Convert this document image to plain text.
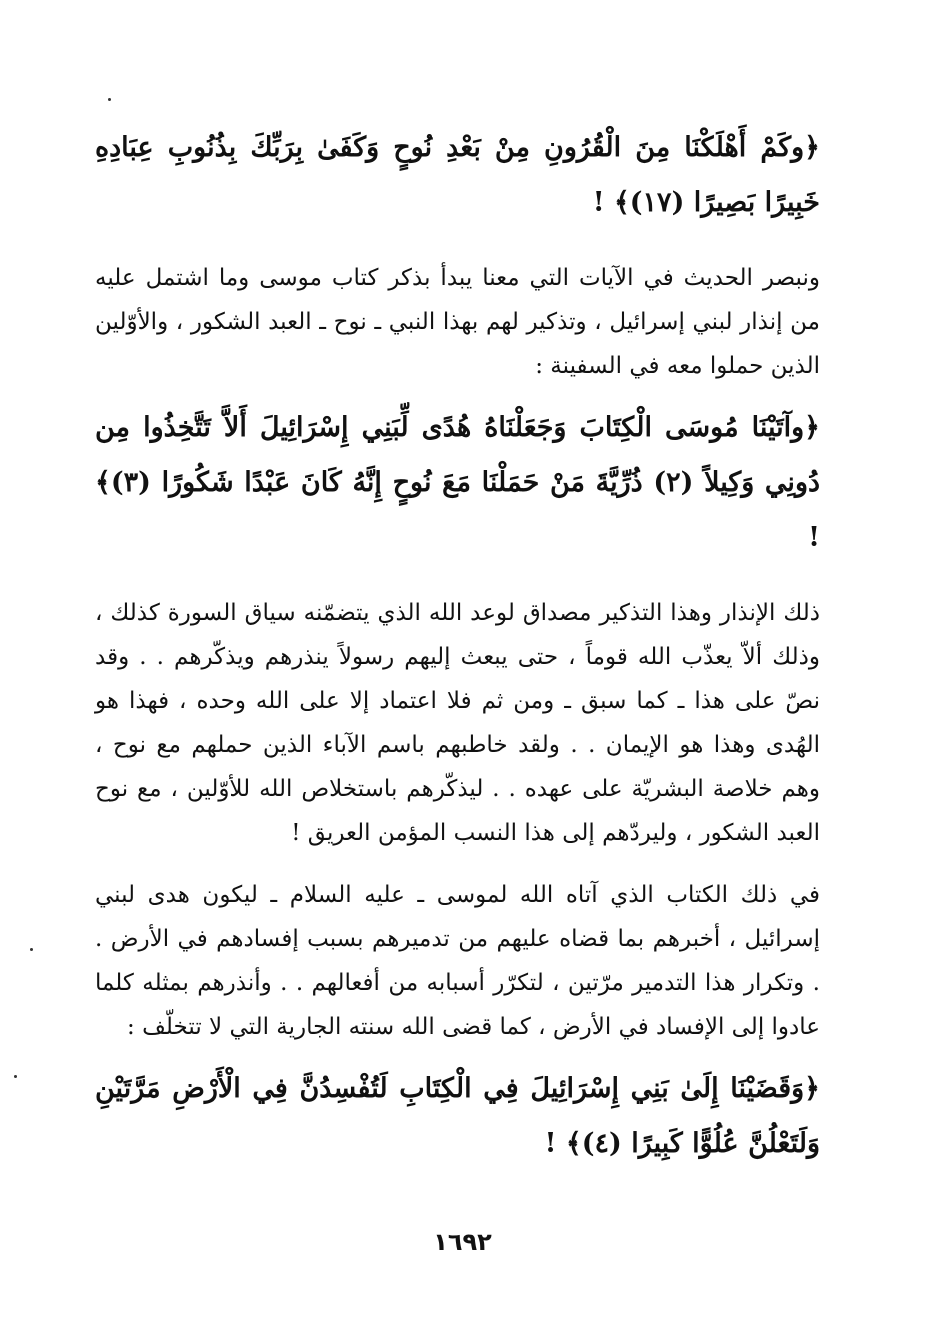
﴿وكَمْ أَهْلَكْنَا مِنَ الْقُرُونِ مِنْ بَعْدِ نُوحٍ وَكَفَىٰ بِرَبِّكَ بِذُنُوبِ عِبَادِهِ خَبِيرًا بَصِيرًا (١٧)﴾ !

ونبصر الحديث في الآيات التي معنا يبدأ بذكر كتاب موسى وما اشتمل عليه من إنذار لبني إسرائيل ، وتذكير لهم بهذا النبي ـ نوح ـ العبد الشكور ، والأوّلين الذين حملوا معه في السفينة :

﴿وآتَيْنَا مُوسَى الْكِتَابَ وَجَعَلْنَاهُ هُدًى لِّبَنِي إِسْرَائِيلَ أَلاَّ تَتَّخِذُوا مِن دُونِي وَكِيلاً (٢) ذُرِّيَّةَ مَنْ حَمَلْنَا مَعَ نُوحٍ إِنَّهُ كَانَ عَبْدًا شَكُورًا (٣)﴾ !

ذلك الإنذار وهذا التذكير مصداق لوعد الله الذي يتضمّنه سياق السورة كذلك ، وذلك ألاّ يعذّب الله قوماً ، حتى يبعث إليهم رسولاً ينذرهم ويذكّرهم . . وقد نصّ على هذا ـ كما سبق ـ ومن ثم فلا اعتماد إلا على الله وحده ، فهذا هو الهُدى وهذا هو الإيمان . . ولقد خاطبهم باسم الآباء الذين حملهم مع نوح ، وهم خلاصة البشريّة على عهده . . ليذكّرهم باستخلاص الله للأوّلين ، مع نوح العبد الشكور ، وليردّهم إلى هذا النسب المؤمن العريق !

في ذلك الكتاب الذي آتاه الله لموسى ـ عليه السلام ـ ليكون هدى لبني إسرائيل ، أخبرهم بما قضاه عليهم من تدميرهم بسبب إفسادهم في الأرض . . وتكرار هذا التدمير مرّتين ، لتكرّر أسبابه من أفعالهم . . وأنذرهم بمثله كلما عادوا إلى الإفساد في الأرض ، كما قضى الله سنته الجارية التي لا تتخلّف :

﴿وَقَضَيْنَا إِلَىٰ بَنِي إِسْرَائِيلَ فِي الْكِتَابِ لَتُفْسِدُنَّ فِي الْأَرْضِ مَرَّتَيْنِ وَلَتَعْلُنَّ عُلُوًّا كَبِيرًا (٤)﴾ !

١٦٩٢
